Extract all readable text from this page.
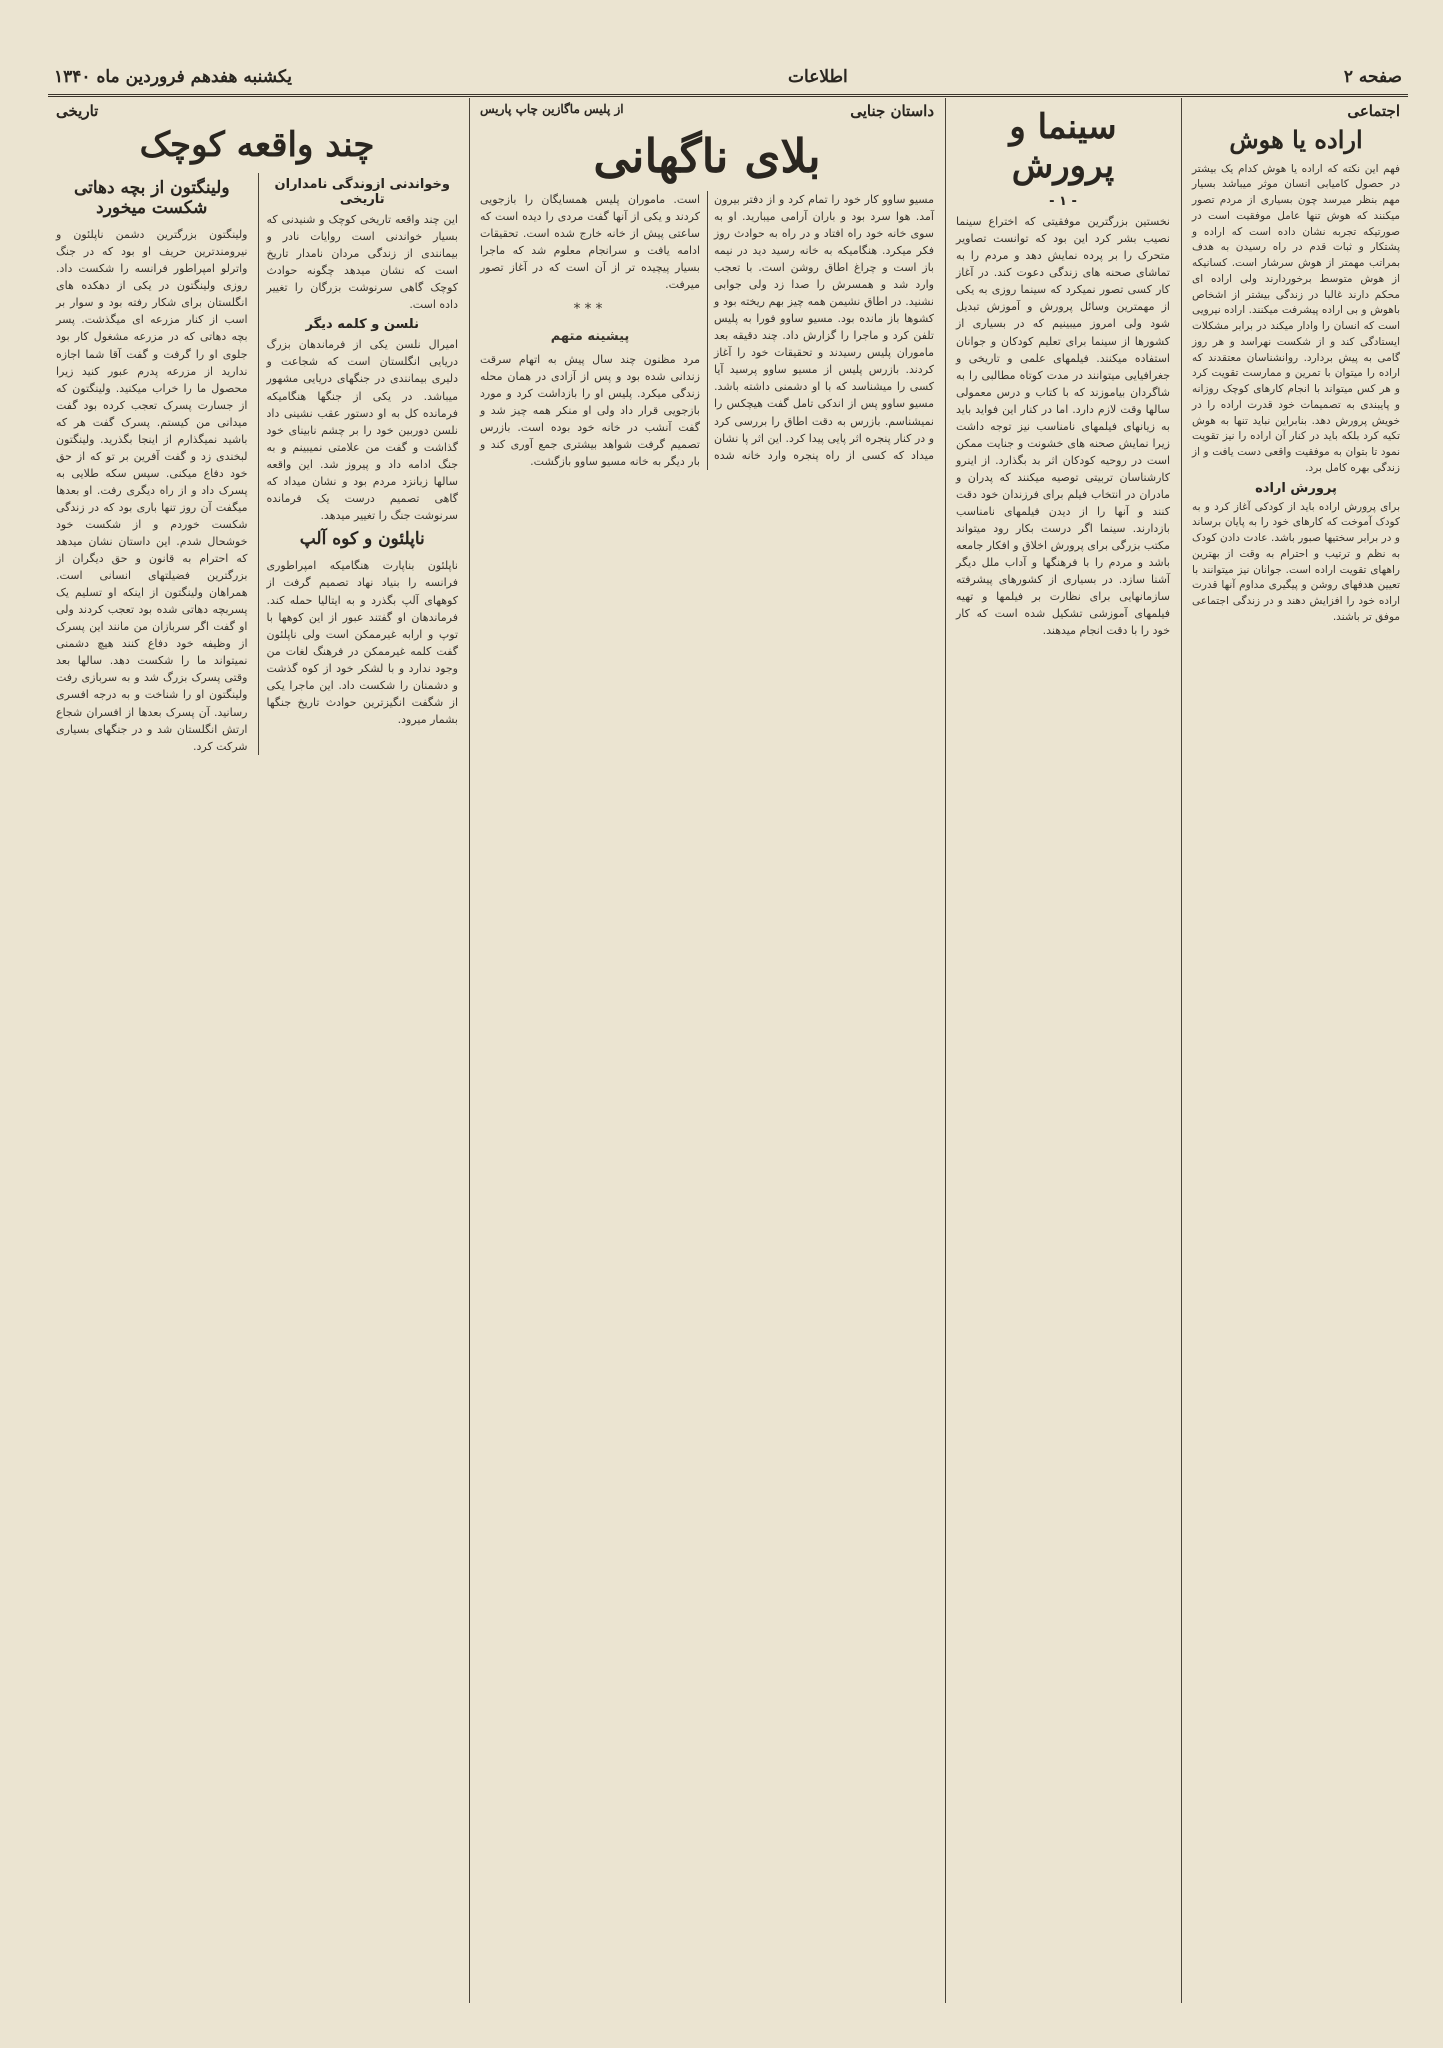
صفحه ۲
اطلاعات
یکشنبه هفدهم فروردین ماه ۱۳۴۰
اجتماعی
اراده یا هوش
فهم این نکته که اراده یا هوش کدام یک بیشتر در حصول کامیابی انسان موثر میباشد بسیار مهم بنظر میرسد چون بسیاری از مردم تصور میکنند که هوش تنها عامل موفقیت است در صورتیکه تجربه نشان داده است که اراده و پشتکار و ثبات قدم در راه رسیدن به هدف بمراتب مهمتر از هوش سرشار است. کسانیکه از هوش متوسط برخوردارند ولی اراده ای محکم دارند غالبا در زندگی بیشتر از اشخاص باهوش و بی اراده پیشرفت میکنند. اراده نیرویی است که انسان را وادار میکند در برابر مشکلات ایستادگی کند و از شکست نهراسد و هر روز گامی به پیش بردارد. روانشناسان معتقدند که اراده را میتوان با تمرین و ممارست تقویت کرد و هر کس میتواند با انجام کارهای کوچک روزانه و پایبندی به تصمیمات خود قدرت اراده را در خویش پرورش دهد. بنابراین نباید تنها به هوش تکیه کرد بلکه باید در کنار آن اراده را نیز تقویت نمود تا بتوان به موفقیت واقعی دست یافت و از زندگی بهره کامل برد.
پرورش اراده
برای پرورش اراده باید از کودکی آغاز کرد و به کودک آموخت که کارهای خود را به پایان برساند و در برابر سختیها صبور باشد. عادت دادن کودک به نظم و ترتیب و احترام به وقت از بهترین راههای تقویت اراده است. جوانان نیز میتوانند با تعیین هدفهای روشن و پیگیری مداوم آنها قدرت اراده خود را افزایش دهند و در زندگی اجتماعی موفق تر باشند.
سینما و پرورش
- ۱ -
نخستین بزرگترین موفقیتی که اختراع سینما نصیب بشر کرد این بود که توانست تصاویر متحرک را بر پرده نمایش دهد و مردم را به تماشای صحنه های زندگی دعوت کند. در آغاز کار کسی تصور نمیکرد که سینما روزی به یکی از مهمترین وسائل پرورش و آموزش تبدیل شود ولی امروز میبینیم که در بسیاری از کشورها از سینما برای تعلیم کودکان و جوانان استفاده میکنند. فیلمهای علمی و تاریخی و جغرافیایی میتوانند در مدت کوتاه مطالبی را به شاگردان بیاموزند که با کتاب و درس معمولی سالها وقت لازم دارد. اما در کنار این فواید باید به زیانهای فیلمهای نامناسب نیز توجه داشت زیرا نمایش صحنه های خشونت و جنایت ممکن است در روحیه کودکان اثر بد بگذارد. از اینرو کارشناسان تربیتی توصیه میکنند که پدران و مادران در انتخاب فیلم برای فرزندان خود دقت کنند و آنها را از دیدن فیلمهای نامناسب بازدارند. سینما اگر درست بکار رود میتواند مکتب بزرگی برای پرورش اخلاق و افکار جامعه باشد و مردم را با فرهنگها و آداب ملل دیگر آشنا سازد. در بسیاری از کشورهای پیشرفته سازمانهایی برای نظارت بر فیلمها و تهیه فیلمهای آموزشی تشکیل شده است که کار خود را با دقت انجام میدهند.
داستان جنایی
از پلیس ماگازین چاپ پاریس
بلای ناگهانی
مسیو ساوو کار خود را تمام کرد و از دفتر بیرون آمد. هوا سرد بود و باران آرامی میبارید. او به سوی خانه خود راه افتاد و در راه به حوادث روز فکر میکرد. هنگامیکه به خانه رسید دید در نیمه باز است و چراغ اطاق روشن است. با تعجب وارد شد و همسرش را صدا زد ولی جوابی نشنید. در اطاق نشیمن همه چیز بهم ریخته بود و کشوها باز مانده بود. مسیو ساوو فورا به پلیس تلفن کرد و ماجرا را گزارش داد. چند دقیقه بعد ماموران پلیس رسیدند و تحقیقات خود را آغاز کردند. بازرس پلیس از مسیو ساوو پرسید آیا کسی را میشناسد که با او دشمنی داشته باشد. مسیو ساوو پس از اندکی تامل گفت هیچکس را نمیشناسم. بازرس به دقت اطاق را بررسی کرد و در کنار پنجره اثر پایی پیدا کرد. این اثر پا نشان میداد که کسی از راه پنجره وارد خانه شده است. ماموران پلیس همسایگان را بازجویی کردند و یکی از آنها گفت مردی را دیده است که ساعتی پیش از خانه خارج شده است. تحقیقات ادامه یافت و سرانجام معلوم شد که ماجرا بسیار پیچیده تر از آن است که در آغاز تصور میرفت.
***
پیشینه متهم
مرد مظنون چند سال پیش به اتهام سرقت زندانی شده بود و پس از آزادی در همان محله زندگی میکرد. پلیس او را بازداشت کرد و مورد بازجویی قرار داد ولی او منکر همه چیز شد و گفت آنشب در خانه خود بوده است. بازرس تصمیم گرفت شواهد بیشتری جمع آوری کند و بار دیگر به خانه مسیو ساوو بازگشت.
تاریخی
چند واقعه کوچک
وخواندنی ازوندگی نامداران تاریخی
این چند واقعه تاریخی کوچک و شنیدنی که بسیار خواندنی است روایات نادر و بیمانندی از زندگی مردان نامدار تاریخ است که نشان میدهد چگونه حوادث کوچک گاهی سرنوشت بزرگان را تغییر داده است.
نلسن و کلمه دیگر
امیرال نلسن یکی از فرماندهان بزرگ دریایی انگلستان است که شجاعت و دلیری بیمانندی در جنگهای دریایی مشهور میباشد. در یکی از جنگها هنگامیکه فرمانده کل به او دستور عقب نشینی داد نلسن دوربین خود را بر چشم نابینای خود گذاشت و گفت من علامتی نمیبینم و به جنگ ادامه داد و پیروز شد. این واقعه سالها زبانزد مردم بود و نشان میداد که گاهی تصمیم درست یک فرمانده سرنوشت جنگ را تغییر میدهد.
ناپلئون و کوه آلپ
ناپلئون بناپارت هنگامیکه امپراطوری فرانسه را بنیاد نهاد تصمیم گرفت از کوههای آلپ بگذرد و به ایتالیا حمله کند. فرماندهان او گفتند عبور از این کوهها با توپ و ارابه غیرممکن است ولی ناپلئون گفت کلمه غیرممکن در فرهنگ لغات من وجود ندارد و با لشکر خود از کوه گذشت و دشمنان را شکست داد. این ماجرا یکی از شگفت انگیزترین حوادث تاریخ جنگها بشمار میرود.
ولینگتون از بچه دهاتی شکست میخورد
ولینگتون بزرگترین دشمن ناپلئون و نیرومندترین حریف او بود که در جنگ واترلو امپراطور فرانسه را شکست داد. روزی ولینگتون در یکی از دهکده های انگلستان برای شکار رفته بود و سوار بر اسب از کنار مزرعه ای میگذشت. پسر بچه دهاتی که در مزرعه مشغول کار بود جلوی او را گرفت و گفت آقا شما اجازه ندارید از مزرعه پدرم عبور کنید زیرا محصول ما را خراب میکنید. ولینگتون که از جسارت پسرک تعجب کرده بود گفت میدانی من کیستم. پسرک گفت هر که باشید نمیگذارم از اینجا بگذرید. ولینگتون لبخندی زد و گفت آفرین بر تو که از حق خود دفاع میکنی. سپس سکه طلایی به پسرک داد و از راه دیگری رفت. او بعدها میگفت آن روز تنها باری بود که در زندگی شکست خوردم و از شکست خود خوشحال شدم. این داستان نشان میدهد که احترام به قانون و حق دیگران از بزرگترین فضیلتهای انسانی است. همراهان ولینگتون از اینکه او تسلیم یک پسربچه دهاتی شده بود تعجب کردند ولی او گفت اگر سربازان من مانند این پسرک از وظیفه خود دفاع کنند هیچ دشمنی نمیتواند ما را شکست دهد. سالها بعد وقتی پسرک بزرگ شد و به سربازی رفت ولینگتون او را شناخت و به درجه افسری رسانید. آن پسرک بعدها از افسران شجاع ارتش انگلستان شد و در جنگهای بسیاری شرکت کرد.
